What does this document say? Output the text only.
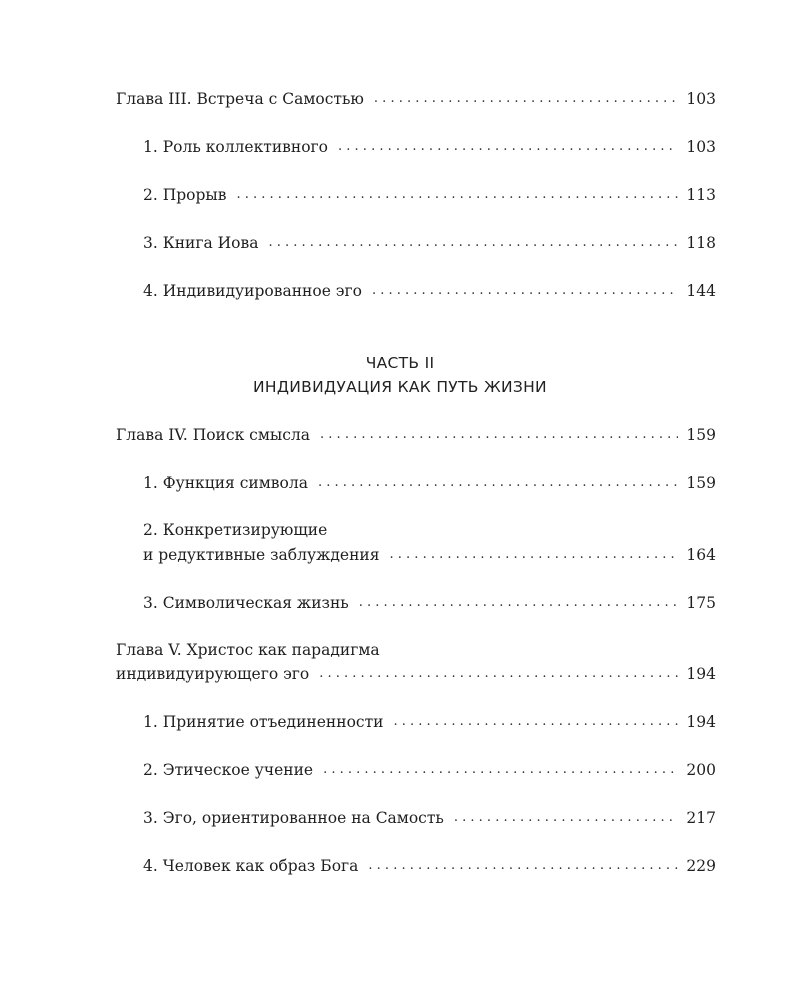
Глава III. Встреча с Самостью . . .	103
1. Роль коллективного . . .	103
2. Прорыв . . .	113
3. Книга Иова . . .	118
4. Индивидуированное эго . . .	144
ЧАСТЬ II
ИНДИВИДУАЦИЯ КАК ПУТЬ ЖИЗНИ
Глава IV. Поиск смысла . . .	159
1. Функция символа . . .	159
2. Конкретизирующие
и редуктивные заблуждения . . .	164
3. Символическая жизнь . . .	175
Глава V. Христос как парадигма
индивидуирующего эго . . .	194
1. Принятие отъединенности . . .	194
2. Этическое учение . . .	200
3. Эго, ориентированное на Самость . . .	217
4. Человек как образ Бога . . .	229
